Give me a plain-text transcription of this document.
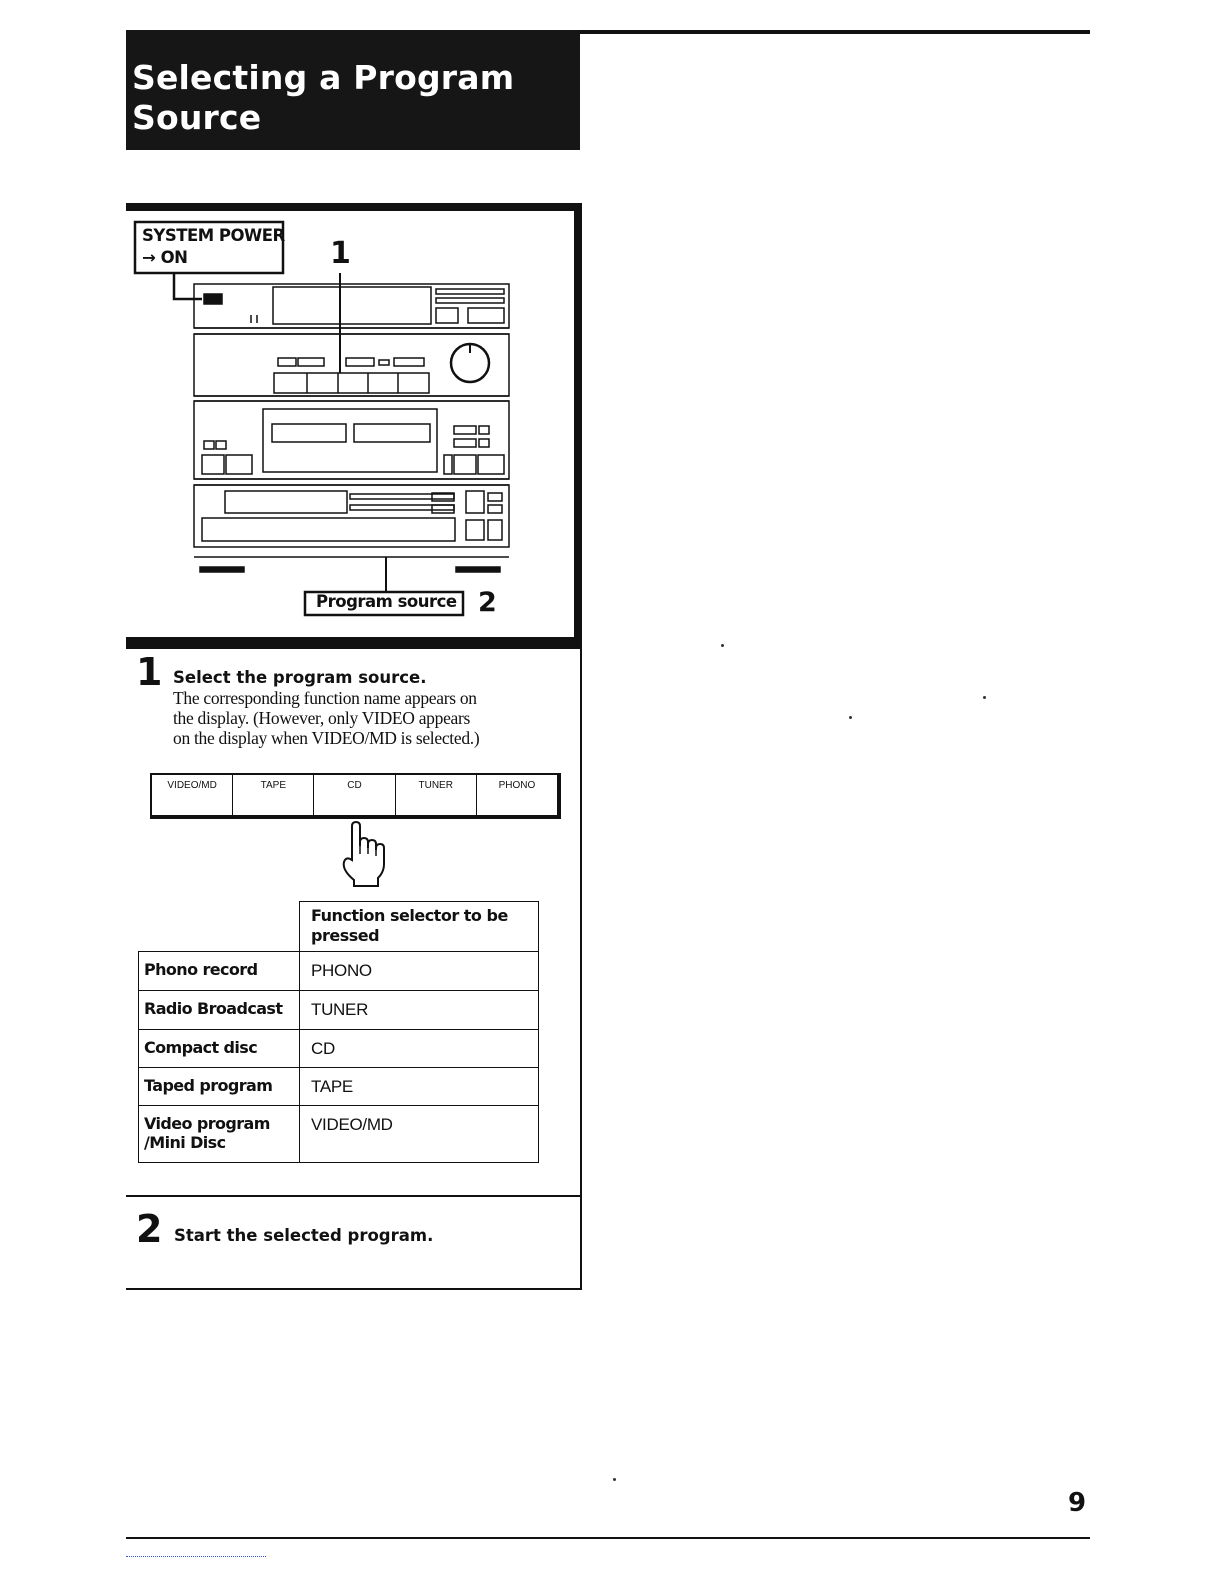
Selecting a Program
Source
SYSTEM POWER
→ ON	1
Program source 2
1 Select the program source.
The corresponding function name appears on
the display. (However, only VIDEO appears
on the display when VIDEO/MD is selected.)
VIDEO/MD	TAPE	CD	TUNER	PHONO
	Function selector to be pressed
Phono record	PHONO
Radio Broadcast	TUNER
Compact disc	CD
Taped program	TAPE
Video program /Mini Disc	VIDEO/MD
2 Start the selected program.
9
